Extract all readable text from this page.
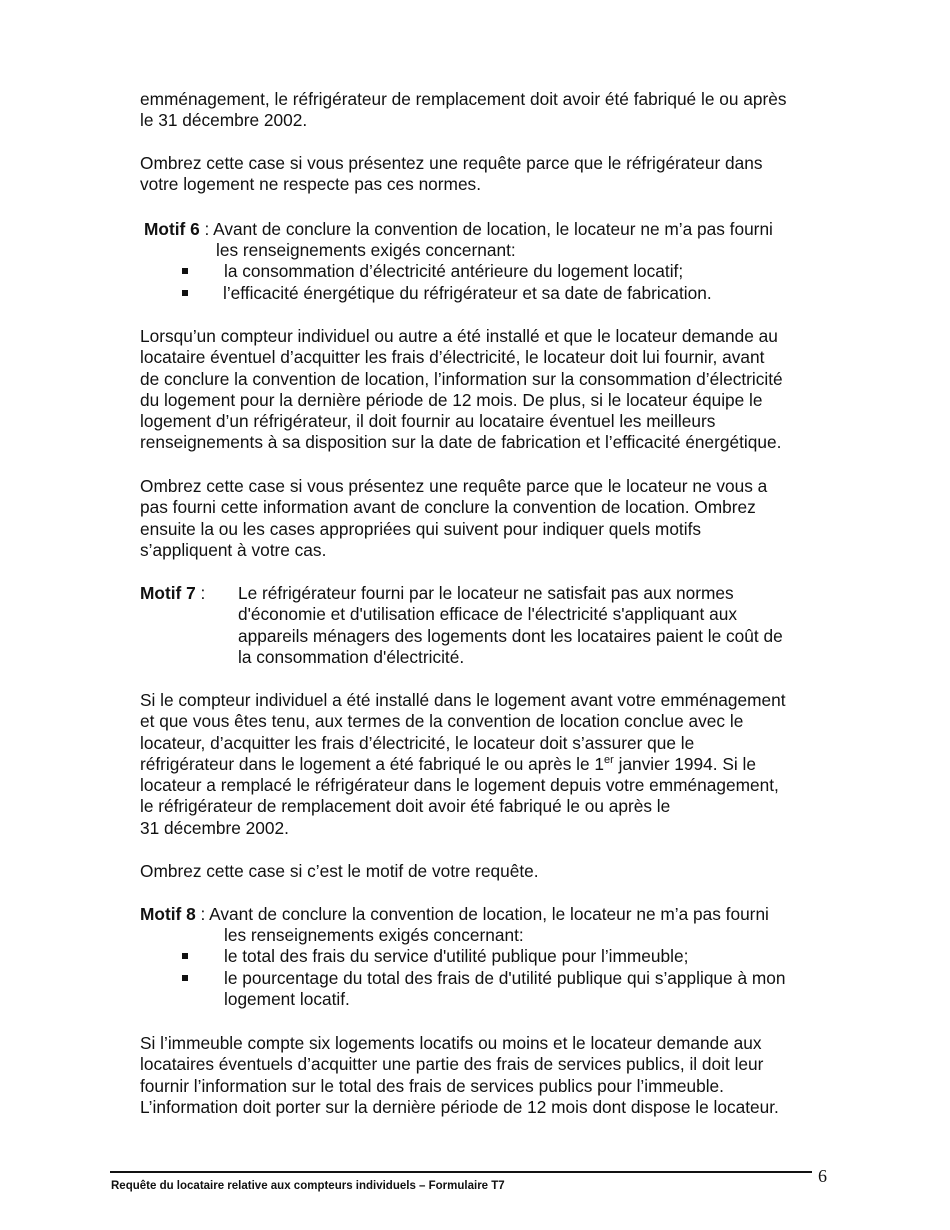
emménagement, le réfrigérateur de remplacement doit avoir été fabriqué le ou après
le 31 décembre 2002.
Ombrez cette case si vous présentez une requête parce que le réfrigérateur dans
votre logement ne respecte pas ces normes.
Motif 6 : Avant de conclure la convention de location, le locateur ne m’a pas fourni
les renseignements exigés concernant:
la consommation d’électricité antérieure du logement locatif;
l’efficacité énergétique du réfrigérateur et sa date de fabrication.
Lorsqu’un compteur individuel ou autre a été installé et que le locateur demande au
locataire éventuel d’acquitter les frais d’électricité, le locateur doit lui fournir, avant
de conclure la convention de location, l’information sur la consommation d’électricité
du logement pour la dernière période de 12 mois. De plus, si le locateur équipe le
logement d’un réfrigérateur, il doit fournir au locataire éventuel les meilleurs
renseignements à sa disposition sur la date de fabrication et l’efficacité énergétique.
Ombrez cette case si vous présentez une requête parce que le locateur ne vous a
pas fourni cette information avant de conclure la convention de location. Ombrez
ensuite la ou les cases appropriées qui suivent pour indiquer quels motifs
s’appliquent à votre cas.
Motif 7 : Le réfrigérateur fourni par le locateur ne satisfait pas aux normes
d'économie et d'utilisation efficace de l'électricité s'appliquant aux
appareils ménagers des logements dont les locataires paient le coût de
la consommation d'électricité.
Si le compteur individuel a été installé dans le logement avant votre emménagement
et que vous êtes tenu, aux termes de la convention de location conclue avec le
locateur, d’acquitter les frais d’électricité, le locateur doit s’assurer que le
réfrigérateur dans le logement a été fabriqué le ou après le 1er janvier 1994. Si le
locateur a remplacé le réfrigérateur dans le logement depuis votre emménagement,
le réfrigérateur de remplacement doit avoir été fabriqué le ou après le
31 décembre 2002.
Ombrez cette case si c’est le motif de votre requête.
Motif 8 : Avant de conclure la convention de location, le locateur ne m’a pas fourni
les renseignements exigés concernant:
le total des frais du service d'utilité publique pour l’immeuble;
le pourcentage du total des frais de d'utilité publique qui s’applique à mon
logement locatif.
Si l’immeuble compte six logements locatifs ou moins et le locateur demande aux
locataires éventuels d’acquitter une partie des frais de services publics, il doit leur
fournir l’information sur le total des frais de services publics pour l’immeuble.
L’information doit porter sur la dernière période de 12 mois dont dispose le locateur.
6
Requête du locataire relative aux compteurs individuels – Formulaire T7
